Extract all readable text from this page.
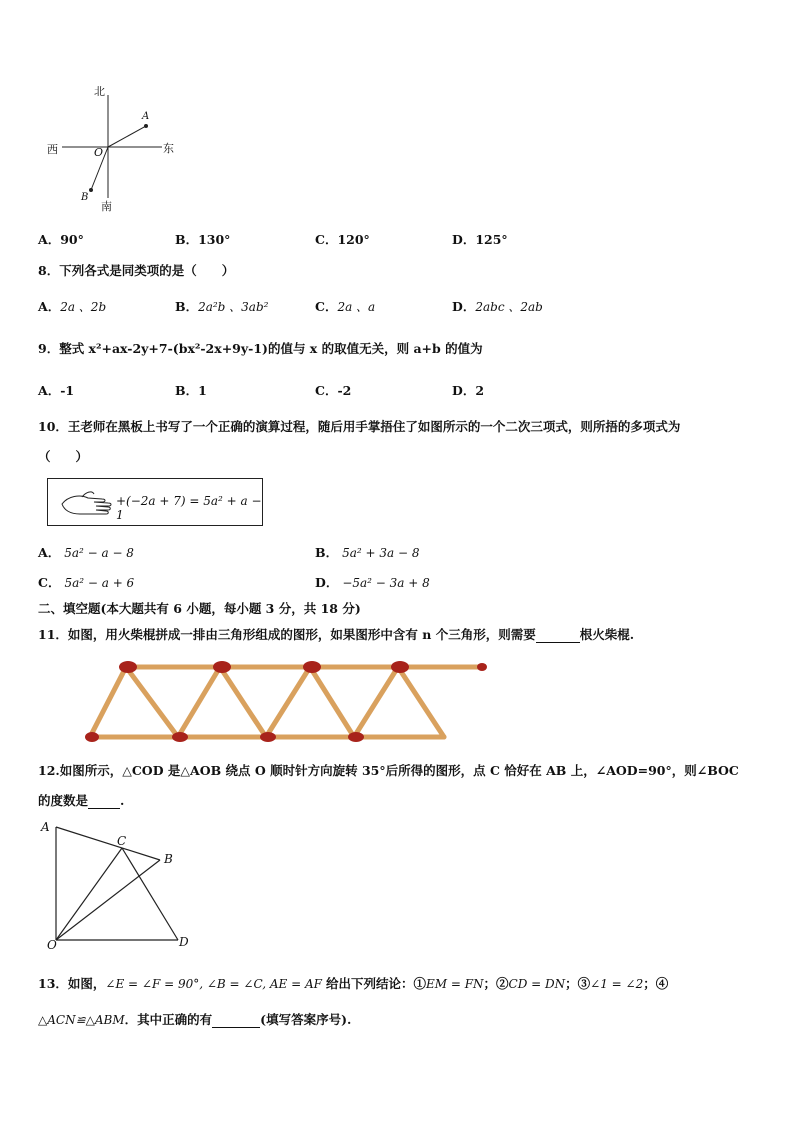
北
南
东
西	O
A
B
A．90°	B．130°	C．120°	D．125°
8．下列各式是同类项的是（　　）
A．2a 、2b	B．2a²b 、3ab²	C．2a 、a	D．2abc 、2ab
9．整式 x²+ax-2y+7-(bx²-2x+9y-1)的值与 x 的取值无关，则 a+b 的值为
A．-1	B．1	C．-2	D．2
10．王老师在黑板上书写了一个正确的演算过程，随后用手掌捂住了如图所示的一个二次三项式，则所捂的多项式为
（　　）
+(−2a + 7) = 5a² + a − 1
A． 5a² − a − 8	B． 5a² + 3a − 8
C． 5a² − a + 6	D． −5a² − 3a + 8
二、填空题(本大题共有 6 小题，每小题 3 分，共 18 分)
11．如图，用火柴棍拼成一排由三角形组成的图形，如果图形中含有 n 个三角形，则需要	根火柴棍.
12.如图所示，△COD 是△AOB 绕点 O 顺时针方向旋转 35°后所得的图形，点 C 恰好在 AB 上，∠AOD=90°，则∠BOC
的度数是	.
A
C
B
O	D
13．如图，∠E = ∠F = 90°, ∠B = ∠C, AE = AF 给出下列结论：①EM = FN；②CD = DN；③∠1 = ∠2；④
△ACN≌△ABM．其中正确的有	(填写答案序号).
